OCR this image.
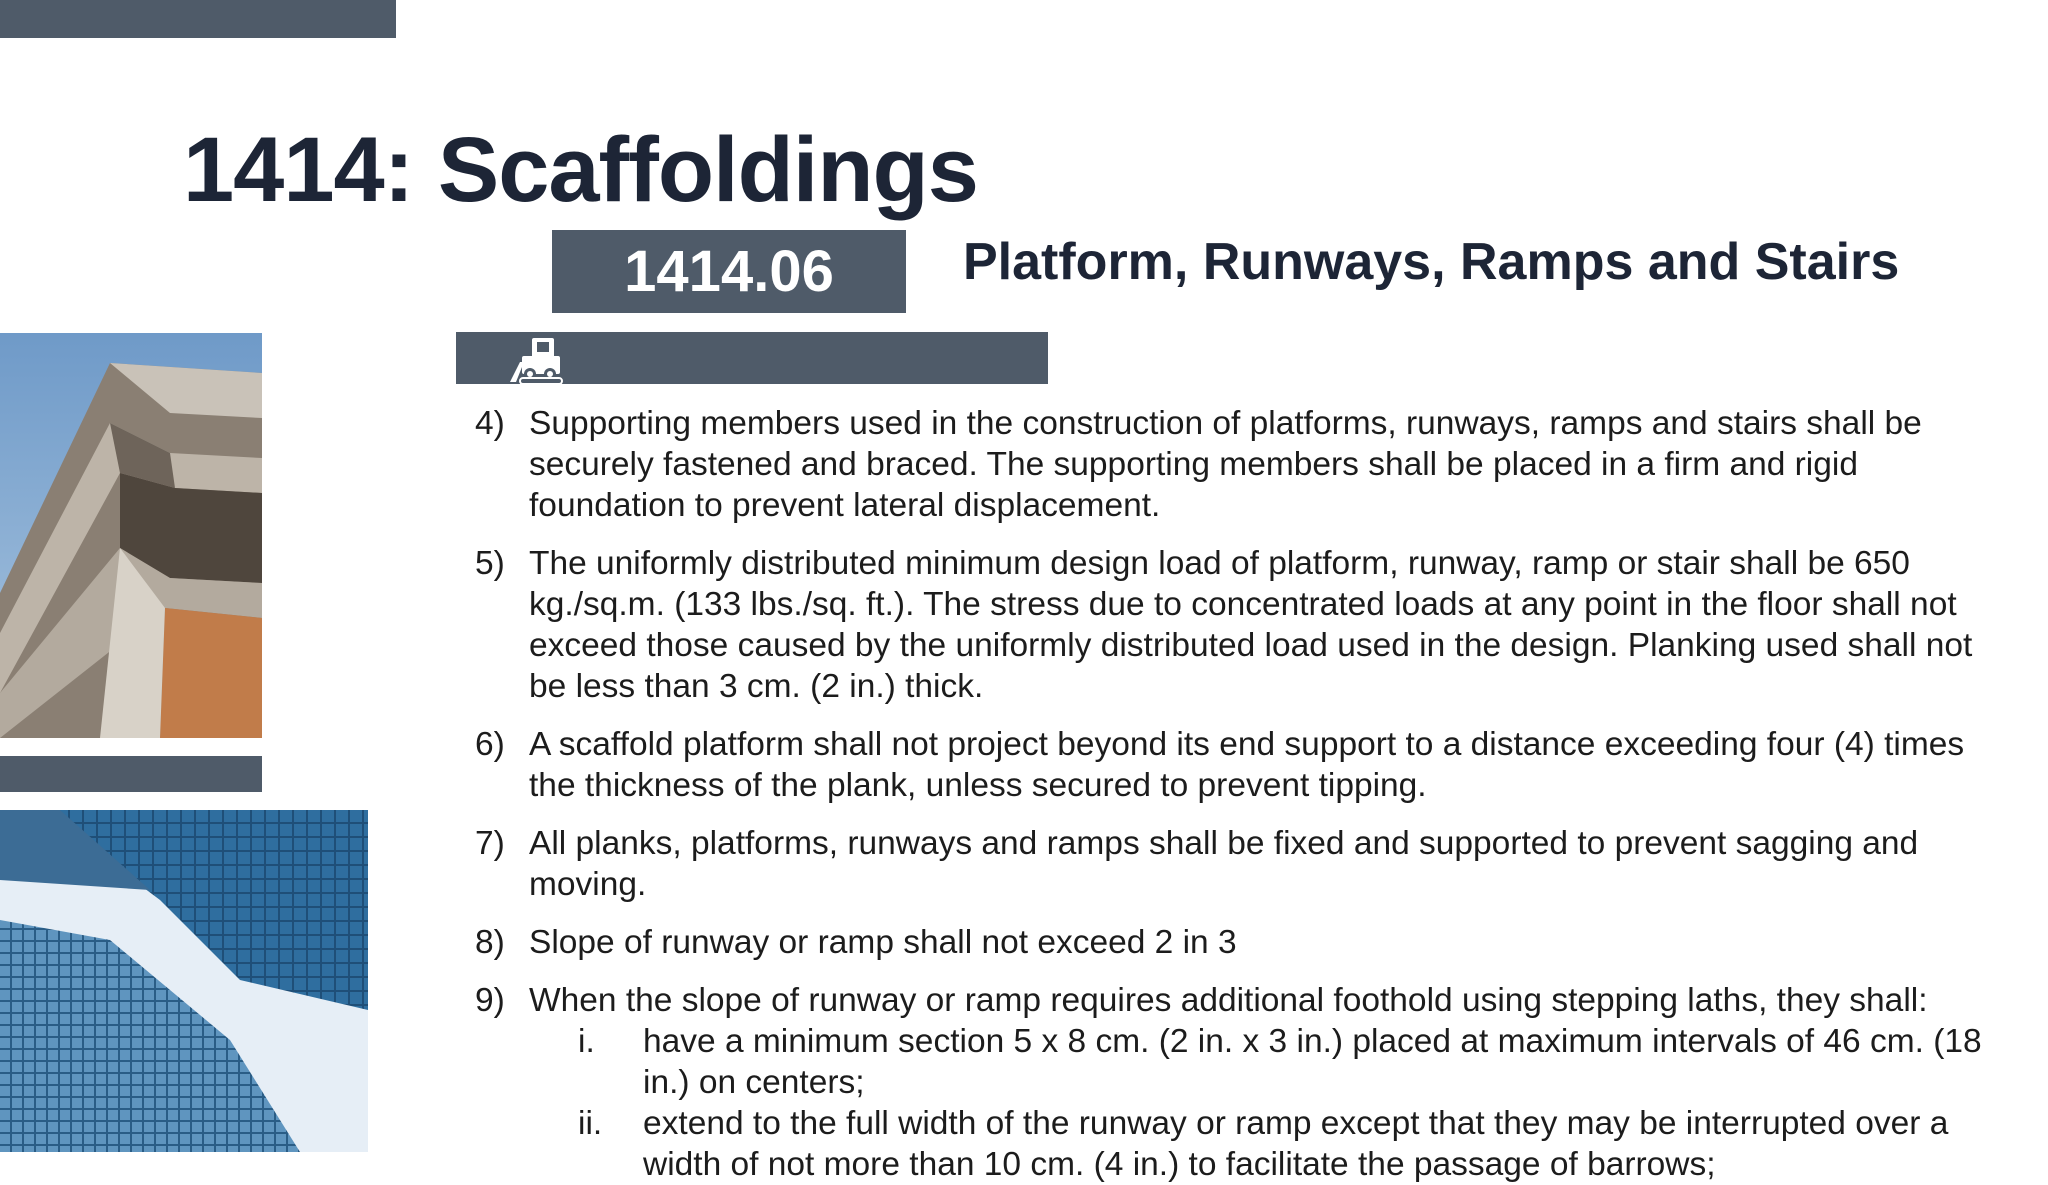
1414: Scaffoldings
1414.06	Platform, Runways, Ramps and Stairs
4) Supporting members used in the construction of platforms, runways, ramps and stairs shall be securely fastened and braced. The supporting members shall be placed in a firm and rigid foundation to prevent lateral displacement.
5) The uniformly distributed minimum design load of platform, runway, ramp or stair shall be 650 kg./sq.m. (133 lbs./sq. ft.). The stress due to concentrated loads at any point in the floor shall not exceed those caused by the uniformly distributed load used in the design. Planking used shall not be less than 3 cm. (2 in.) thick.
6) A scaffold platform shall not project beyond its end support to a distance exceeding four (4) times the thickness of the plank, unless secured to prevent tipping.
7) All planks, platforms, runways and ramps shall be fixed and supported to prevent sagging and moving.
8) Slope of runway or ramp shall not exceed 2 in 3
9) When the slope of runway or ramp requires additional foothold using stepping laths, they shall:
i. have a minimum section 5 x 8 cm. (2 in. x 3 in.) placed at maximum intervals of 46 cm. (18 in.) on centers;
ii. extend to the full width of the runway or ramp except that they may be interrupted over a width of not more than 10 cm. (4 in.) to facilitate the passage of barrows;
